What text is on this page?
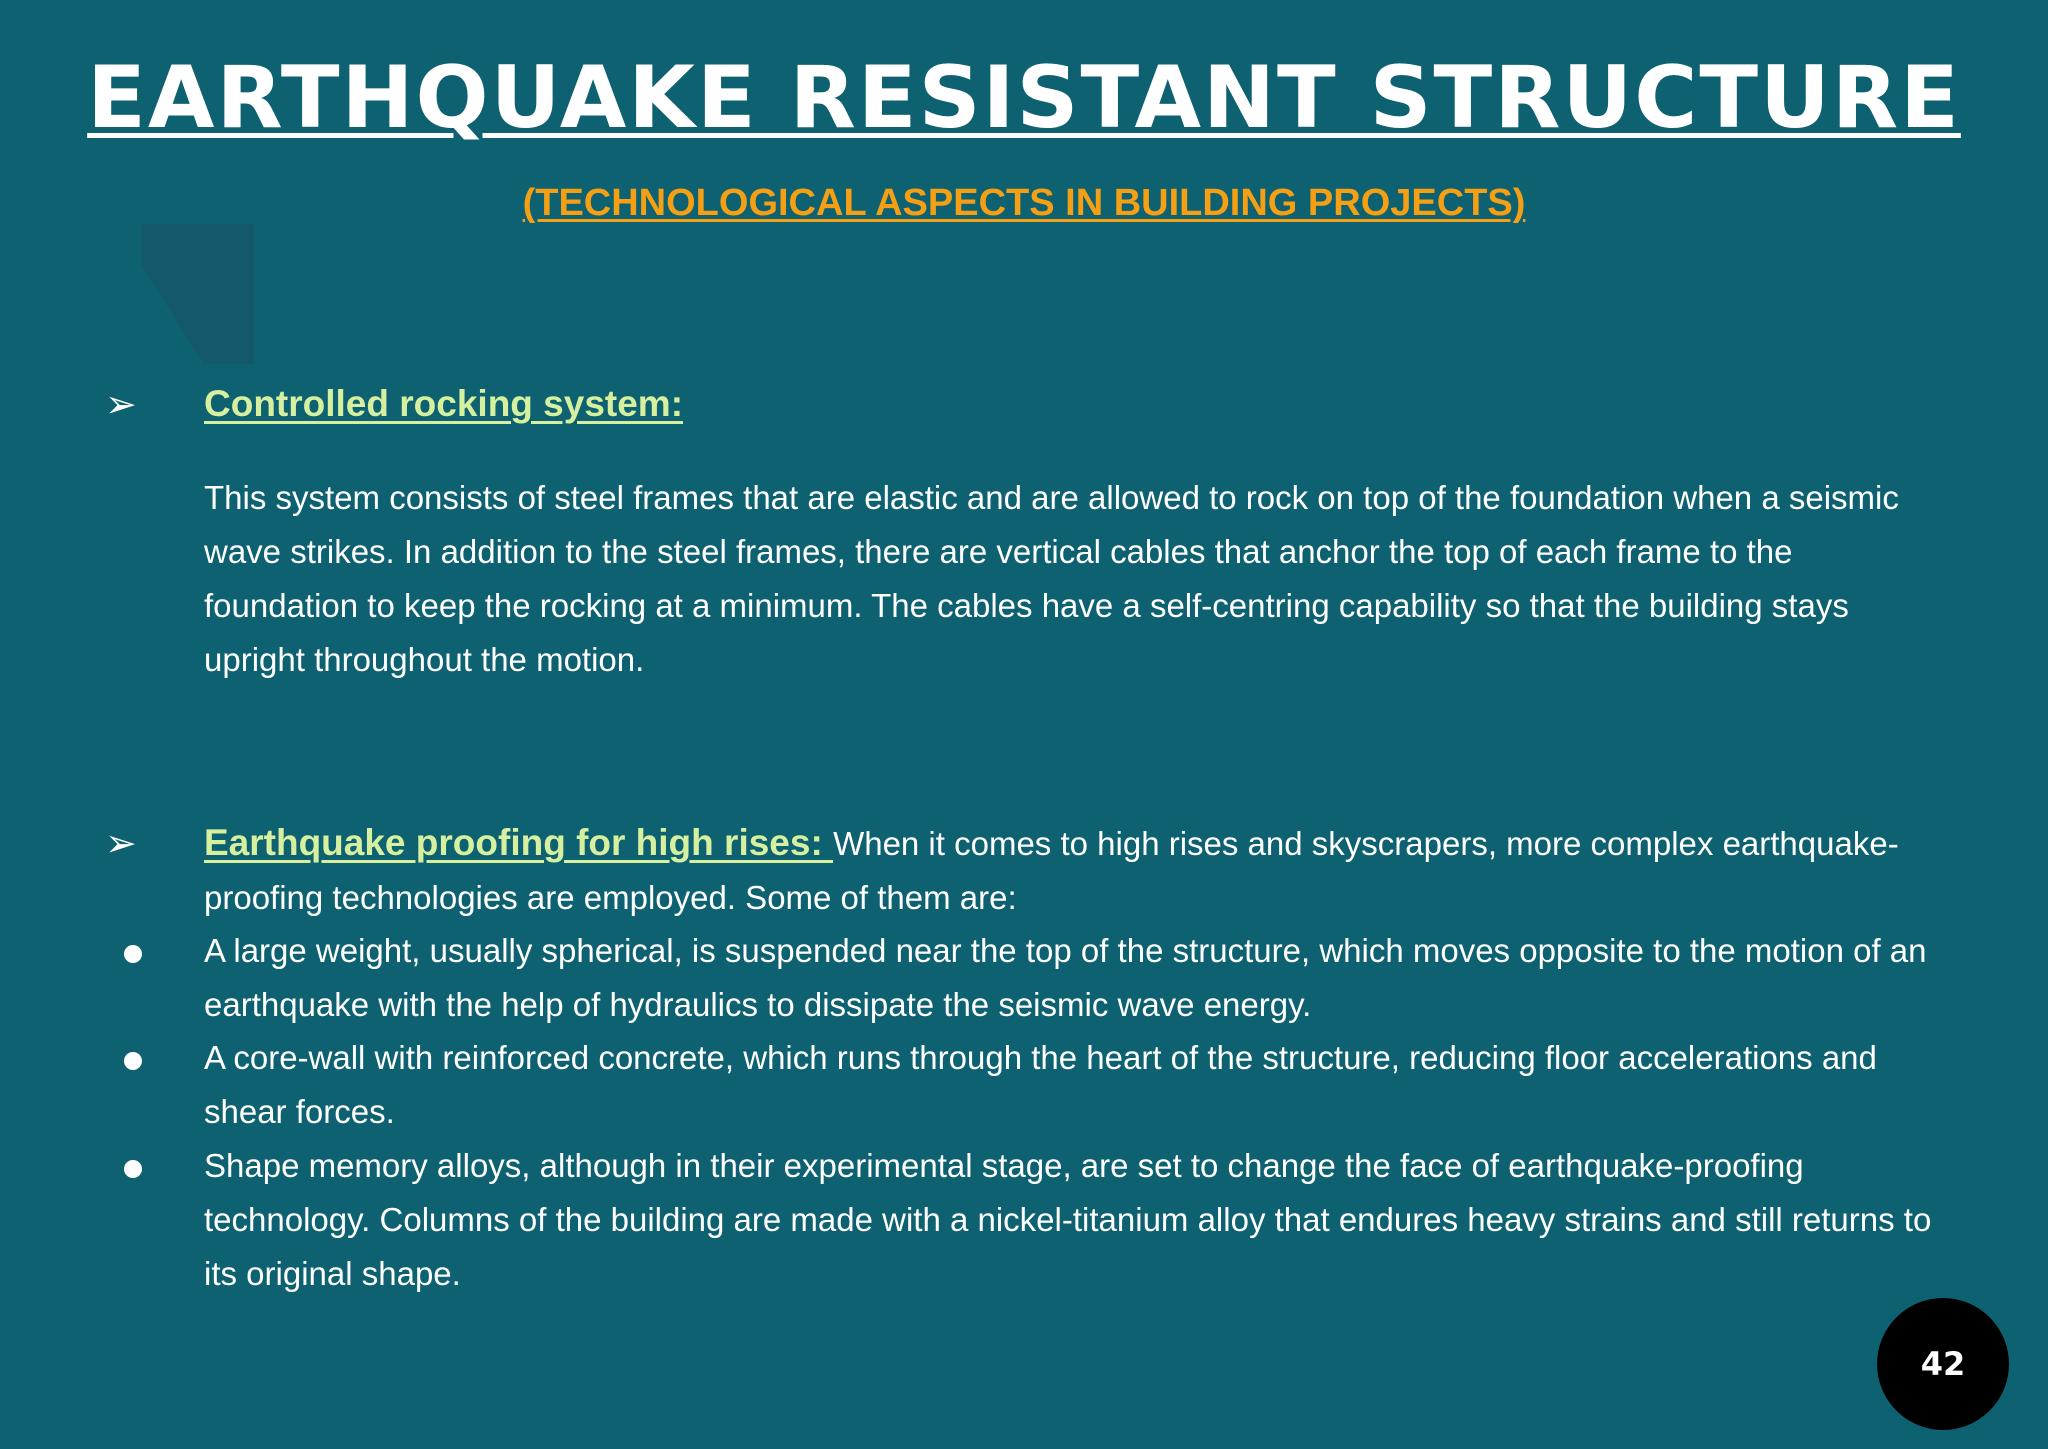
EARTHQUAKE RESISTANT STRUCTURE
(TECHNOLOGICAL ASPECTS IN BUILDING PROJECTS)
➢ Controlled rocking system:
This system consists of steel frames that are elastic and are allowed to rock on top of the foundation when a seismic wave strikes. In addition to the steel frames, there are vertical cables that anchor the top of each frame to the foundation to keep the rocking at a minimum. The cables have a self-centring capability so that the building stays upright throughout the motion.
➢ Earthquake proofing for high rises: When it comes to high rises and skyscrapers, more complex earthquake-proofing technologies are employed. Some of them are:
A large weight, usually spherical, is suspended near the top of the structure, which moves opposite to the motion of an earthquake with the help of hydraulics to dissipate the seismic wave energy.
A core-wall with reinforced concrete, which runs through the heart of the structure, reducing floor accelerations and shear forces.
Shape memory alloys, although in their experimental stage, are set to change the face of earthquake-proofing technology. Columns of the building are made with a nickel-titanium alloy that endures heavy strains and still returns to its original shape.
42
